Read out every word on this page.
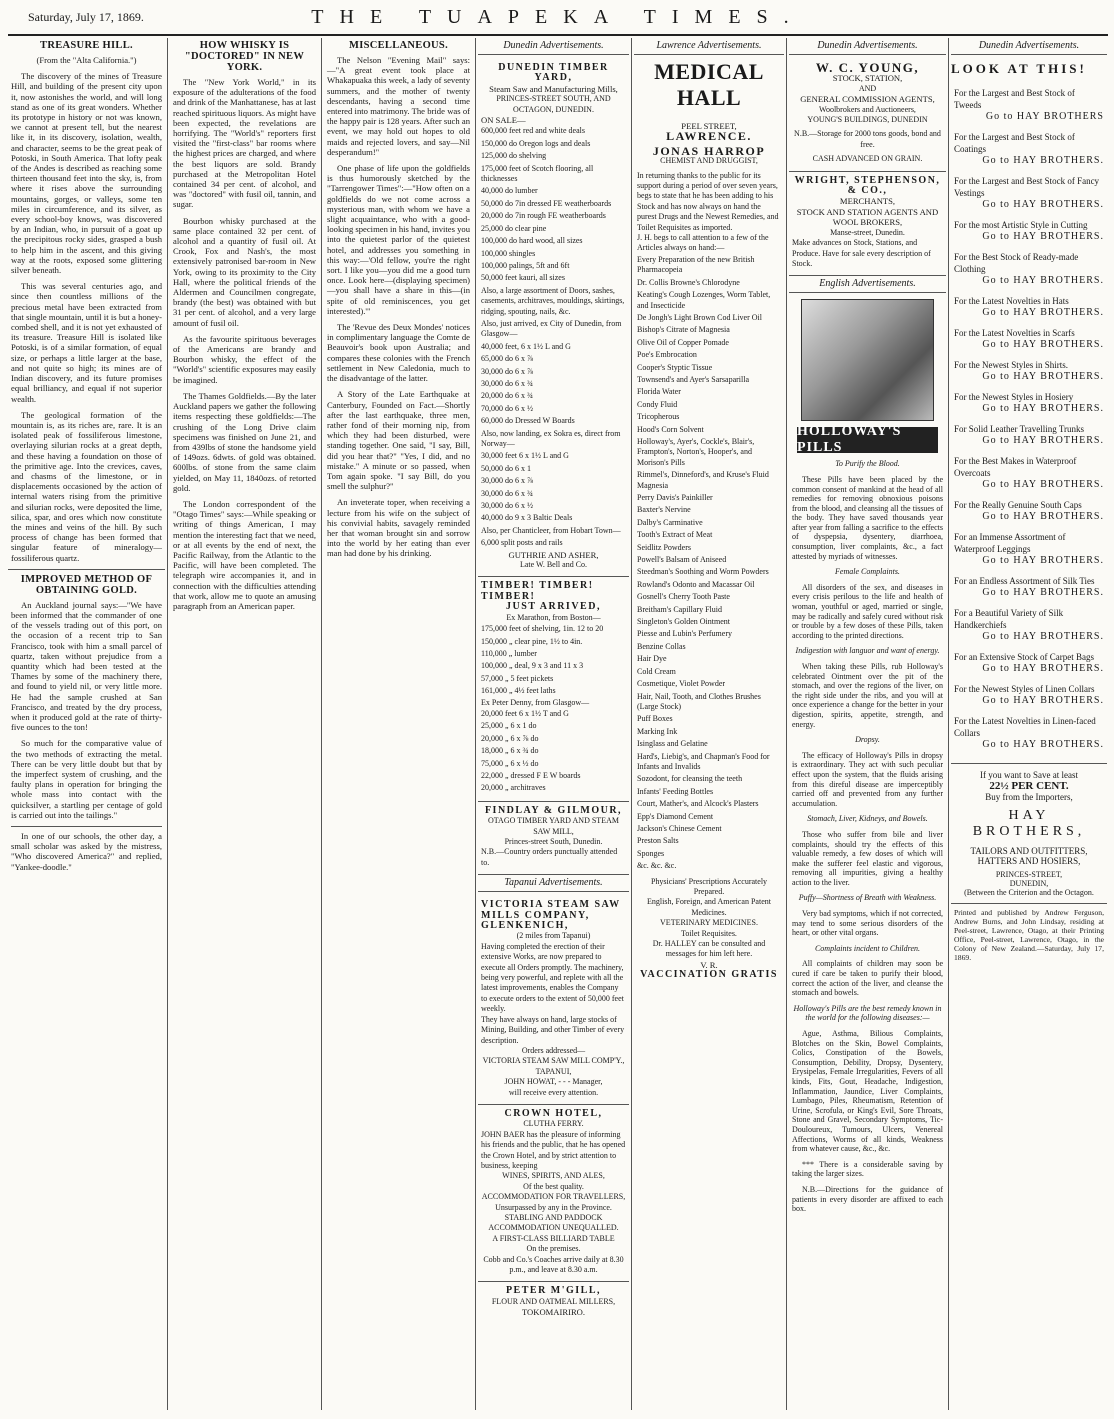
Saturday, July 17, 1869.	THE TUAPEKA TIMES.
TREASURE HILL.

(From the "Alta California.")

The discovery of the mines of Treasure Hill, and building of the present city upon it, now astonishes the world, and will long stand as one of its great wonders. Whether its prototype in history or not was known, we cannot at present tell, but the nearest like it, in its discovery, isolation, wealth, and character, seems to be the great peak of Potoski, in South America. That lofty peak of the Andes is described as reaching some thirteen thousand feet into the sky, is, from where it rises above the surrounding mountains, gorges, or valleys, some ten miles in circumference, and its silver, as every school-boy knows, was discovered by an Indian, who, in pursuit of a goat up the precipitous rocky sides, grasped a bush to help him in the ascent, and this giving way at the roots, exposed some glittering silver beneath.

This was several centuries ago, and since then countless millions of the precious metal have been extracted from that single mountain, until it is but a honey-combed shell, and it is not yet exhausted of its treasure. Treasure Hill is isolated like Potoski, is of a similar formation, of equal size, or perhaps a little larger at the base, and not quite so high; its mines are of Indian discovery, and its future promises equal brilliancy, and equal if not superior wealth.

The geological formation of the mountain is, as its riches are, rare. It is an isolated peak of fossiliferous limestone, overlaying silurian rocks at a great depth, and these having a foundation on those of the primitive age. Into the crevices, caves, and chasms of the limestone, or in displacements occasioned by the action of internal waters rising from the primitive and silurian rocks, were deposited the lime, silica, spar, and ores which now constitute the mines and veins of the hill. By such process of change has been formed that singular feature of mineralogy—fossiliferous quartz.

IMPROVED METHOD OF OBTAINING GOLD.

An Auckland journal says:—"We have been informed that the commander of one of the vessels trading out of this port, on the occasion of a recent trip to San Francisco, took with him a small parcel of quartz, taken without prejudice from a quantity which had been tested at the Thames by some of the machinery there, and found to yield nil, or very little more. He had the sample crushed at San Francisco, and treated by the dry process, when it produced gold at the rate of thirty-five ounces to the ton!

So much for the comparative value of the two methods of extracting the metal. There can be very little doubt but that by the imperfect system of crushing, and the faulty plans in operation for bringing the whole mass into contact with the quicksilver, a startling per centage of gold is carried out into the tailings."

In one of our schools, the other day, a small scholar was asked by the mistress, "Who discovered America?" and replied, "Yankee-doodle."

HOW WHISKY IS "DOCTORED" IN NEW YORK.

The "New York World," in its exposure of the adulterations of the food and drink of the Manhattanese, has at last reached spirituous liquors. As might have been expected, the revelations are horrifying. The "World's" reporters first visited the "first-class" bar rooms where the highest prices are charged, and where the best liquors are sold. Brandy purchased at the Metropolitan Hotel contained 34 per cent. of alcohol, and was "doctored" with fusil oil, tannin, and sugar.

Bourbon whisky purchased at the same place contained 32 per cent. of alcohol and a quantity of fusil oil. At Crook, Fox and Nash's, the most extensively patronised bar-room in New York, owing to its proximity to the City Hall, where the political friends of the Aldermen and Councilmen congregate, brandy (the best) was obtained with but 31 per cent. of alcohol, and a very large amount of fusil oil.

As the favourite spirituous beverages of the Americans are brandy and Bourbon whisky, the effect of the "World's" scientific exposures may easily be imagined.

The Thames Goldfields.—By the later Auckland papers we gather the following items respecting these goldfields:—The crushing of the Long Drive claim specimens was finished on June 21, and from 439lbs of stone the handsome yield of 149ozs. 6dwts. of gold was obtained. 600lbs. of stone from the same claim yielded, on May 11, 1840ozs. of retorted gold.

The London correspondent of the "Otago Times" says:—While speaking or writing of things American, I may mention the interesting fact that we need, or at all events by the end of next, the Pacific Railway, from the Atlantic to the Pacific, will have been completed. The telegraph wire accompanies it, and in connection with the difficulties attending that work, allow me to quote an amusing paragraph from an American paper.

MISCELLANEOUS.

The Nelson "Evening Mail" says:—"A great event took place at Whakapuaka this week, a lady of seventy summers, and the mother of twenty descendants, having a second time entered into matrimony. The bride was of the happy pair is 128 years. After such an event, we may hold out hopes to old maids and rejected lovers, and say—Nil desperandum!"

One phase of life upon the goldfields is thus humorously sketched by the "Tarrengower Times":—"How often on a goldfields do we not come across a mysterious man, with whom we have a slight acquaintance, who with a good-looking specimen in his hand, invites you into the quietest parlor of the quietest hotel, and addresses you something in this way:—'Old fellow, you're the right sort. I like you—you did me a good turn once. Look here—(displaying specimen)—you shall have a share in this—(in spite of old reminiscences, you get interested).'"

The 'Revue des Deux Mondes' notices in complimentary language the Comte de Beauvoir's book upon Australia; and compares these colonies with the French settlement in New Caledonia, much to the disadvantage of the latter.

A Story of the Late Earthquake at Canterbury, Founded on Fact.—Shortly after the last earthquake, three men, rather fond of their morning nip, from which they had been disturbed, were standing together. One said, "I say, Bill, did you hear that?" "Yes, I did, and no mistake." A minute or so passed, when Tom again spoke. "I say Bill, do you smell the sulphur?"

An inveterate toper, when receiving a lecture from his wife on the subject of his convivial habits, savagely reminded her that woman brought sin and sorrow into the world by her eating than ever man had done by his drinking.

Dunedin Advertisements.
DUNEDIN TIMBER YARD,
Steam Saw and Manufacturing Mills,
PRINCES-STREET SOUTH, AND OCTAGON, DUNEDIN.
ON SALE—
600,000 feet red and white deals
150,000 do Oregon logs and deals
125,000 do shelving
175,000 feet of Scotch flooring, all thicknesses
40,000 do lumber
50,000 do 7in dressed FE weatherboards
20,000 do 7in rough FE weatherboards
25,000 do clear pine
100,000 do hard wood, all sizes
100,000 shingles
100,000 palings, 5ft and 6ft
50,000 feet kauri, all sizes
Also, a large assortment of Doors, sashes, casements, architraves, mouldings, skirtings, ridging, spouting, nails, &c.
Also, just arrived, ex City of Dunedin, from Glasgow—
40,000 feet, 6 x 1½ L and G
65,000 do 6 x ⅞
30,000 do 6 x ⅞
30,000 do 6 x ¾
20,000 do 6 x ¾
70,000 do 6 x ½
60,000 do Dressed W Boards
Also, now landing, ex Sokra es, direct from Norway—
30,000 feet 6 x 1½ L and G
50,000 do 6 x 1
30,000 do 6 x ⅞
30,000 do 6 x ¾
30,000 do 6 x ½
40,000 do 9 x 3 Baltic Deals
Also, per Chanticleer, from Hobart Town—
6,000 split posts and rails
GUTHRIE AND ASHER,
Late W. Bell and Co.
TIMBER! TIMBER! TIMBER!
JUST ARRIVED,
Ex Marathon, from Boston—
175,000 feet of shelving, 1in. 12 to 20
150,000 „ clear pine, 1½ to 4in.
110,000 „ lumber
100,000 „ deal, 9 x 3 and 11 x 3
57,000 „ 5 feet pickets
161,000 „ 4½ feet laths
Ex Peter Denny, from Glasgow—
20,000 feet 6 x 1½ T and G
25,000 „ 6 x 1 do
20,000 „ 6 x ⅞ do
18,000 „ 6 x ¾ do
75,000 „ 6 x ½ do
22,000 „ dressed F E W boards
20,000 „ architraves
FINDLAY & GILMOUR,
OTAGO TIMBER YARD AND STEAM SAW MILL,
Princes-street South, Dunedin.
N.B.—Country orders punctually attended to.
Tapanui Advertisements.
VICTORIA STEAM SAW MILLS COMPANY, GLENKENICH,
(2 miles from Tapanui)
Having completed the erection of their extensive Works, are now prepared to execute all Orders promptly. The machinery, being very powerful, and replete with all the latest improvements, enables the Company to execute orders to the extent of 50,000 feet weekly.
They have always on hand, large stocks of Mining, Building, and other Timber of every description.
Orders addressed—
VICTORIA STEAM SAW MILL COMP'Y., TAPANUI,
JOHN HOWAT, - - - Manager,
will receive every attention.
CROWN HOTEL,
CLUTHA FERRY.
JOHN BAER has the pleasure of informing his friends and the public, that he has opened the Crown Hotel, and by strict attention to business, keeping
WINES, SPIRITS, AND ALES,
Of the best quality.
ACCOMMODATION FOR TRAVELLERS,
Unsurpassed by any in the Province.
STABLING AND PADDOCK ACCOMMODATION UNEQUALLED.
A FIRST-CLASS BILLIARD TABLE
On the premises.
Cobb and Co.'s Coaches arrive daily at 8.30 p.m., and leave at 8.30 a.m.
PETER M'GILL,
FLOUR AND OATMEAL MILLERS,
TOKOMAIRIRO.
Lawrence Advertisements.
MEDICAL HALL
PEEL STREET,
LAWRENCE.
JONAS HARROP
CHEMIST AND DRUGGIST,
In returning thanks to the public for its support during a period of over seven years, begs to state that he has been adding to his Stock and has now always on hand the purest Drugs and the Newest Remedies, and Toilet Requisites as imported.
J. H. begs to call attention to a few of the Articles always on hand:—
Every Preparation of the new British Pharmacopeia
Dr. Collis Browne's Chlorodyne
Keating's Cough Lozenges, Worm Tablet, and Insecticide
De Jongh's Light Brown Cod Liver Oil
Bishop's Citrate of Magnesia
Olive Oil of Copper Pomade
Poe's Embrocation
Cooper's Styptic Tissue
Townsend's and Ayer's Sarsaparilla
Florida Water
Condy Fluid
Tricopherous
Hood's Corn Solvent
Holloway's, Ayer's, Cockle's, Blair's, Frampton's, Norton's, Hooper's, and Morison's Pills
Rimmel's, Dinneford's, and Kruse's Fluid Magnesia
Perry Davis's Painkiller
Baxter's Nervine
Dalby's Carminative
Tooth's Extract of Meat
Seidlitz Powders
Powell's Balsam of Aniseed
Steedman's Soothing and Worm Powders
Rowland's Odonto and Macassar Oil
Gosnell's Cherry Tooth Paste
Breitham's Capillary Fluid
Singleton's Golden Ointment
Piesse and Lubin's Perfumery
Benzine Collas
Hair Dye
Cold Cream
Cosmetique, Violet Powder
Hair, Nail, Tooth, and Clothes Brushes (Large Stock)
Puff Boxes
Marking Ink
Isinglass and Gelatine
Hard's, Liebig's, and Chapman's Food for Infants and Invalids
Sozodont, for cleansing the teeth
Infants' Feeding Bottles
Court, Mather's, and Alcock's Plasters
Epp's Diamond Cement
Jackson's Chinese Cement
Preston Salts
Sponges
&c. &c. &c.
Physicians' Prescriptions Accurately Prepared.
English, Foreign, and American Patent Medicines.
VETERINARY MEDICINES.
Toilet Requisites.
Dr. HALLEY can be consulted and messages for him left here.
V. R.
VACCINATION GRATIS
Dunedin Advertisements.
W. C. YOUNG,
STOCK, STATION,
AND
GENERAL COMMISSION AGENTS,
Woolbrokers and Auctioneers,
YOUNG'S BUILDINGS, DUNEDIN
N.B.—Storage for 2000 tons goods, bond and free.
CASH ADVANCED ON GRAIN.
WRIGHT, STEPHENSON, & CO.,
MERCHANTS,
STOCK AND STATION AGENTS AND WOOL BROKERS,
Manse-street, Dunedin.
Make advances on Stock, Stations, and Produce. Have for sale every description of Stock.
English Advertisements.
HOLLOWAY'S PILLS

To Purify the Blood.

These Pills have been placed by the common consent of mankind at the head of all remedies for removing obnoxious poisons from the blood, and cleansing all the tissues of the body. They have saved thousands year after year from falling a sacrifice to the effects of dyspepsia, dysentery, diarrhoea, consumption, liver complaints, &c., a fact attested by myriads of witnesses.

Female Complaints.

All disorders of the sex, and diseases in every crisis perilous to the life and health of woman, youthful or aged, married or single, may be radically and safely cured without risk or trouble by a few doses of these Pills, taken according to the printed directions.

Indigestion with languor and want of energy.

When taking these Pills, rub Holloway's celebrated Ointment over the pit of the stomach, and over the regions of the liver, on the right side under the ribs, and you will at once experience a change for the better in your digestion, spirits, appetite, strength, and energy.

Dropsy.

The efficacy of Holloway's Pills in dropsy is extraordinary. They act with such peculiar effect upon the system, that the fluids arising from this direful disease are imperceptibly carried off and prevented from any further accumulation.

Stomach, Liver, Kidneys, and Bowels.

Those who suffer from bile and liver complaints, should try the effects of this valuable remedy, a few doses of which will make the sufferer feel elastic and vigorous, removing all impurities, giving a healthy action to the liver.

Puffy—Shortness of Breath with Weakness.

Very bad symptoms, which if not corrected, may tend to some serious disorders of the heart, or other vital organs.

Complaints incident to Children.

All complaints of children may soon be cured if care be taken to purify their blood, correct the action of the liver, and cleanse the stomach and bowels.

Holloway's Pills are the best remedy known in the world for the following diseases:—

Ague, Asthma, Bilious Complaints, Blotches on the Skin, Bowel Complaints, Colics, Constipation of the Bowels, Consumption, Debility, Dropsy, Dysentery, Erysipelas, Female Irregularities, Fevers of all kinds, Fits, Gout, Headache, Indigestion, Inflammation, Jaundice, Liver Complaints, Lumbago, Piles, Rheumatism, Retention of Urine, Scrofula, or King's Evil, Sore Throats, Stone and Gravel, Secondary Symptoms, Tic-Douloureux, Tumours, Ulcers, Venereal Affections, Worms of all kinds, Weakness from whatever cause, &c., &c.

*** There is a considerable saving by taking the larger sizes.

N.B.—Directions for the guidance of patients in every disorder are affixed to each box.

Dunedin Advertisements.
LOOK AT THIS!
For the Largest and Best Stock of Tweeds
Go to HAY BROTHERS
For the Largest and Best Stock of Coatings
Go to HAY BROTHERS.
For the Largest and Best Stock of Fancy Vestings
Go to HAY BROTHERS.
For the most Artistic Style in Cutting
Go to HAY BROTHERS.
For the Best Stock of Ready-made Clothing
Go to HAY BROTHERS.
For the Latest Novelties in Hats
Go to HAY BROTHERS.
For the Latest Novelties in Scarfs
Go to HAY BROTHERS.
For the Newest Styles in Shirts.
Go to HAY BROTHERS.
For the Newest Styles in Hosiery
Go to HAY BROTHERS.
For Solid Leather Travelling Trunks
Go to HAY BROTHERS.
For the Best Makes in Waterproof Overcoats
Go to HAY BROTHERS.
For the Really Genuine South Caps
Go to HAY BROTHERS.
For an Immense Assortment of Waterproof Leggings
Go to HAY BROTHERS.
For an Endless Assortment of Silk Ties
Go to HAY BROTHERS.
For a Beautiful Variety of Silk Handkerchiefs
Go to HAY BROTHERS.
For an Extensive Stock of Carpet Bags
Go to HAY BROTHERS.
For the Newest Styles of Linen Collars
Go to HAY BROTHERS.
For the Latest Novelties in Linen-faced Collars
Go to HAY BROTHERS.
If you want to Save at least
22½ PER CENT.
Buy from the Importers,
HAY BROTHERS,
TAILORS AND OUTFITTERS,
HATTERS AND HOSIERS,
PRINCES-STREET,
DUNEDIN,
(Between the Criterion and the Octagon.
Printed and published by Andrew Ferguson, Andrew Burns, and John Lindsay, residing at Peel-street, Lawrence, Otago, at their Printing Office, Peel-street, Lawrence, Otago, in the Colony of New Zealand.—Saturday, July 17, 1869.
